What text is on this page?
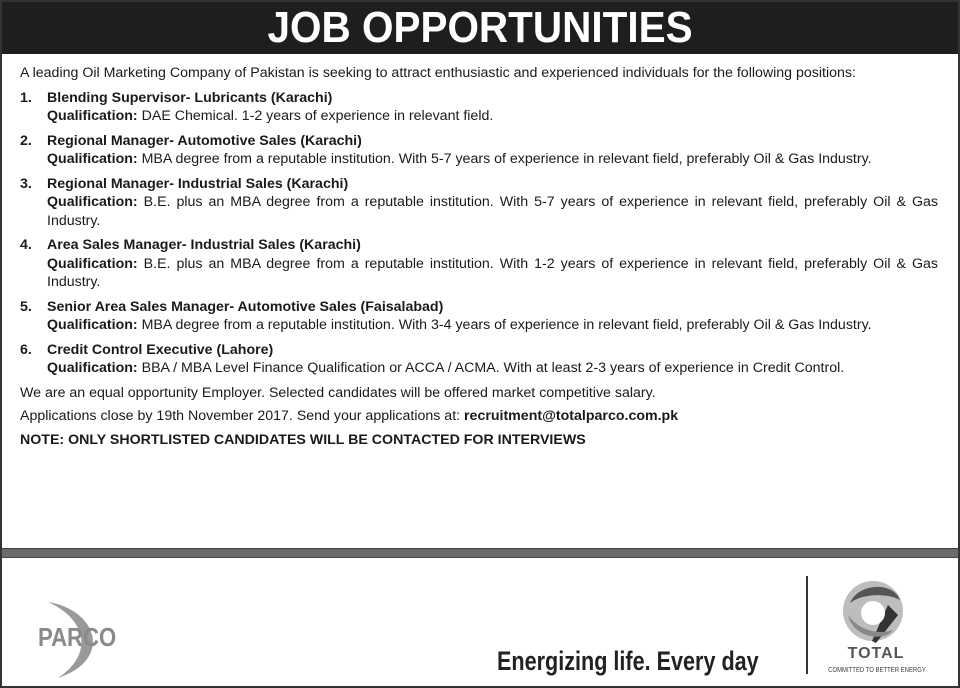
JOB OPPORTUNITIES

A leading Oil Marketing Company of Pakistan is seeking to attract enthusiastic and experienced individuals for the following positions:

1.	Blending Supervisor- Lubricants (Karachi)
Qualification: DAE Chemical. 1-2 years of experience in relevant field.
2.	Regional Manager- Automotive Sales (Karachi)
Qualification: MBA degree from a reputable institution. With 5-7 years of experience in relevant field, preferably Oil & Gas Industry.
3.	Regional Manager- Industrial Sales (Karachi)
Qualification: B.E. plus an MBA degree from a reputable institution. With 5-7 years of experience in relevant field, preferably Oil & Gas Industry.
4.	Area Sales Manager- Industrial Sales (Karachi)
Qualification: B.E. plus an MBA degree from a reputable institution. With 1-2 years of experience in relevant field, preferably Oil & Gas Industry.
5.	Senior Area Sales Manager- Automotive Sales (Faisalabad)
Qualification: MBA degree from a reputable institution. With 3-4 years of experience in relevant field, preferably Oil & Gas Industry.
6.	Credit Control Executive (Lahore)
Qualification: BBA / MBA Level Finance Qualification or ACCA / ACMA. With at least 2-3 years of experience in Credit Control.

We are an equal opportunity Employer. Selected candidates will be offered market competitive salary.

Applications close by 19th November 2017. Send your applications at: recruitment@totalparco.com.pk

NOTE: ONLY SHORTLISTED CANDIDATES WILL BE CONTACTED FOR INTERVIEWS

PARCO
Energizing life. Every day	TOTAL
COMMITTED TO BETTER ENERGY
